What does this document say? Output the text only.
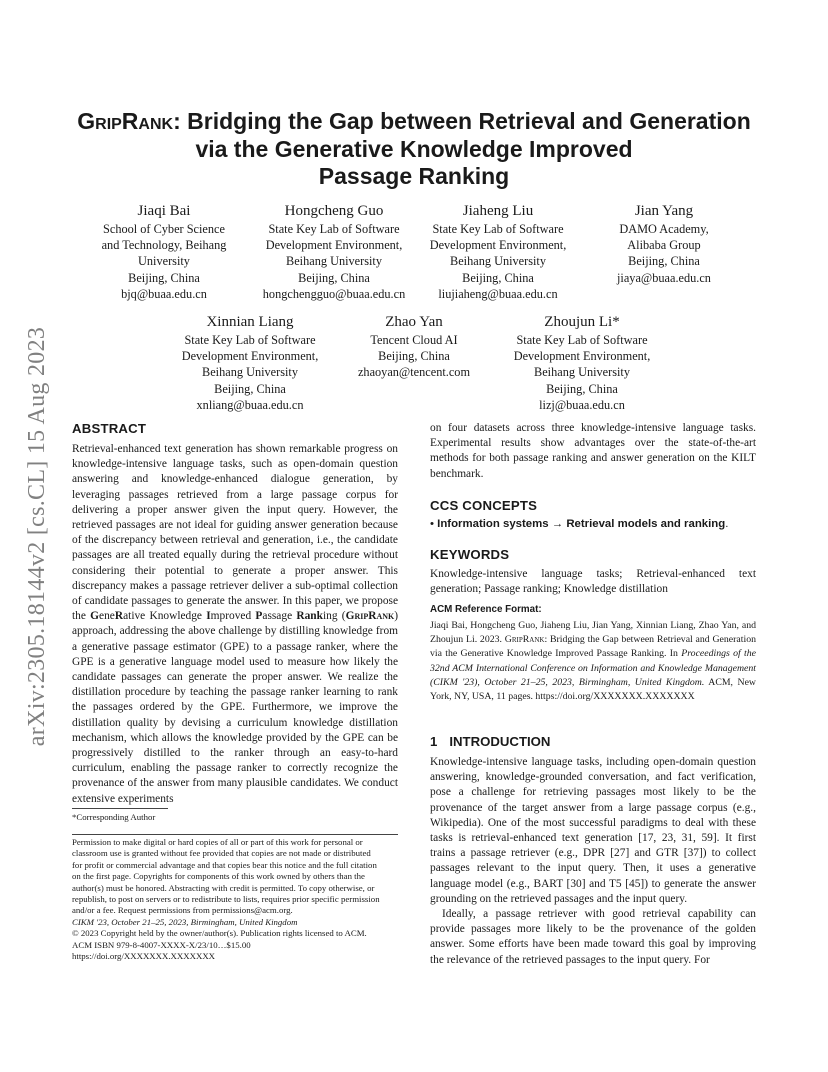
arXiv:2305.18144v2 [cs.CL] 15 Aug 2023
GripRank: Bridging the Gap between Retrieval and Generation
via the Generative Knowledge Improved
Passage Ranking
Jiaqi Bai
School of Cyber Science
and Technology, Beihang
University
Beijing, China
bjq@buaa.edu.cn
Hongcheng Guo
State Key Lab of Software
Development Environment,
Beihang University
Beijing, China
hongchengguo@buaa.edu.cn
Jiaheng Liu
State Key Lab of Software
Development Environment,
Beihang University
Beijing, China
liujiaheng@buaa.edu.cn
Jian Yang
DAMO Academy,
Alibaba Group
Beijing, China
jiaya@buaa.edu.cn
Xinnian Liang
State Key Lab of Software
Development Environment,
Beihang University
Beijing, China
xnliang@buaa.edu.cn
Zhao Yan
Tencent Cloud AI
Beijing, China
zhaoyan@tencent.com
Zhoujun Li*
State Key Lab of Software
Development Environment,
Beihang University
Beijing, China
lizj@buaa.edu.cn
ABSTRACT

Retrieval-enhanced text generation has shown remarkable progress on knowledge-intensive language tasks, such as open-domain question answering and knowledge-enhanced dialogue generation, by leveraging passages retrieved from a large passage corpus for delivering a proper answer given the input query. However, the retrieved passages are not ideal for guiding answer generation because of the discrepancy between retrieval and generation, i.e., the candidate passages are all treated equally during the retrieval procedure without considering their potential to generate a proper answer. This discrepancy makes a passage retriever deliver a sub-optimal collection of candidate passages to generate the answer. In this paper, we propose the GeneRative Knowledge Improved Passage Ranking (GripRank) approach, addressing the above challenge by distilling knowledge from a generative passage estimator (GPE) to a passage ranker, where the GPE is a generative language model used to measure how likely the candidate passages can generate the proper answer. We realize the distillation procedure by teaching the passage ranker learning to rank the passages ordered by the GPE. Furthermore, we improve the distillation quality by devising a curriculum knowledge distillation mechanism, which allows the knowledge provided by the GPE can be progressively distilled to the ranker through an easy-to-hard curriculum, enabling the passage ranker to correctly recognize the provenance of the answer from many plausible candidates. We conduct extensive experiments

*Corresponding Author
Permission to make digital or hard copies of all or part of this work for personal or
classroom use is granted without fee provided that copies are not made or distributed
for profit or commercial advantage and that copies bear this notice and the full citation
on the first page. Copyrights for components of this work owned by others than the
author(s) must be honored. Abstracting with credit is permitted. To copy otherwise, or
republish, to post on servers or to redistribute to lists, requires prior specific permission
and/or a fee. Request permissions from permissions@acm.org.
CIKM '23, October 21–25, 2023, Birmingham, United Kingdom
© 2023 Copyright held by the owner/author(s). Publication rights licensed to ACM.
ACM ISBN 979-8-4007-XXXX-X/23/10…$15.00
https://doi.org/XXXXXXX.XXXXXXX

on four datasets across three knowledge-intensive language tasks. Experimental results show advantages over the state-of-the-art methods for both passage ranking and answer generation on the KILT benchmark.

CCS CONCEPTS
• Information systems → Retrieval models and ranking.
KEYWORDS
Knowledge-intensive language tasks; Retrieval-enhanced text generation; Passage ranking; Knowledge distillation
ACM Reference Format:
Jiaqi Bai, Hongcheng Guo, Jiaheng Liu, Jian Yang, Xinnian Liang, Zhao Yan, and Zhoujun Li. 2023. GripRank: Bridging the Gap between Retrieval and Generation via the Generative Knowledge Improved Passage Ranking. In Proceedings of the 32nd ACM International Conference on Information and Knowledge Management (CIKM '23), October 21–25, 2023, Birmingham, United Kingdom. ACM, New York, NY, USA, 11 pages. https://doi.org/XXXXXXX.XXXXXXX
1 INTRODUCTION

Knowledge-intensive language tasks, including open-domain question answering, knowledge-grounded conversation, and fact verification, pose a challenge for retrieving passages most likely to be the provenance of the target answer from a large passage corpus (e.g., Wikipedia). One of the most successful paradigms to deal with these tasks is retrieval-enhanced text generation [17, 23, 31, 59]. It first trains a passage retriever (e.g., DPR [27] and GTR [37]) to collect passages relevant to the input query. Then, it uses a generative language model (e.g., BART [30] and T5 [45]) to generate the answer grounding on the retrieved passages and the input query.

Ideally, a passage retriever with good retrieval capability can provide passages more likely to be the provenance of the golden answer. Some efforts have been made toward this goal by improving the relevance of the retrieved passages to the input query. For
